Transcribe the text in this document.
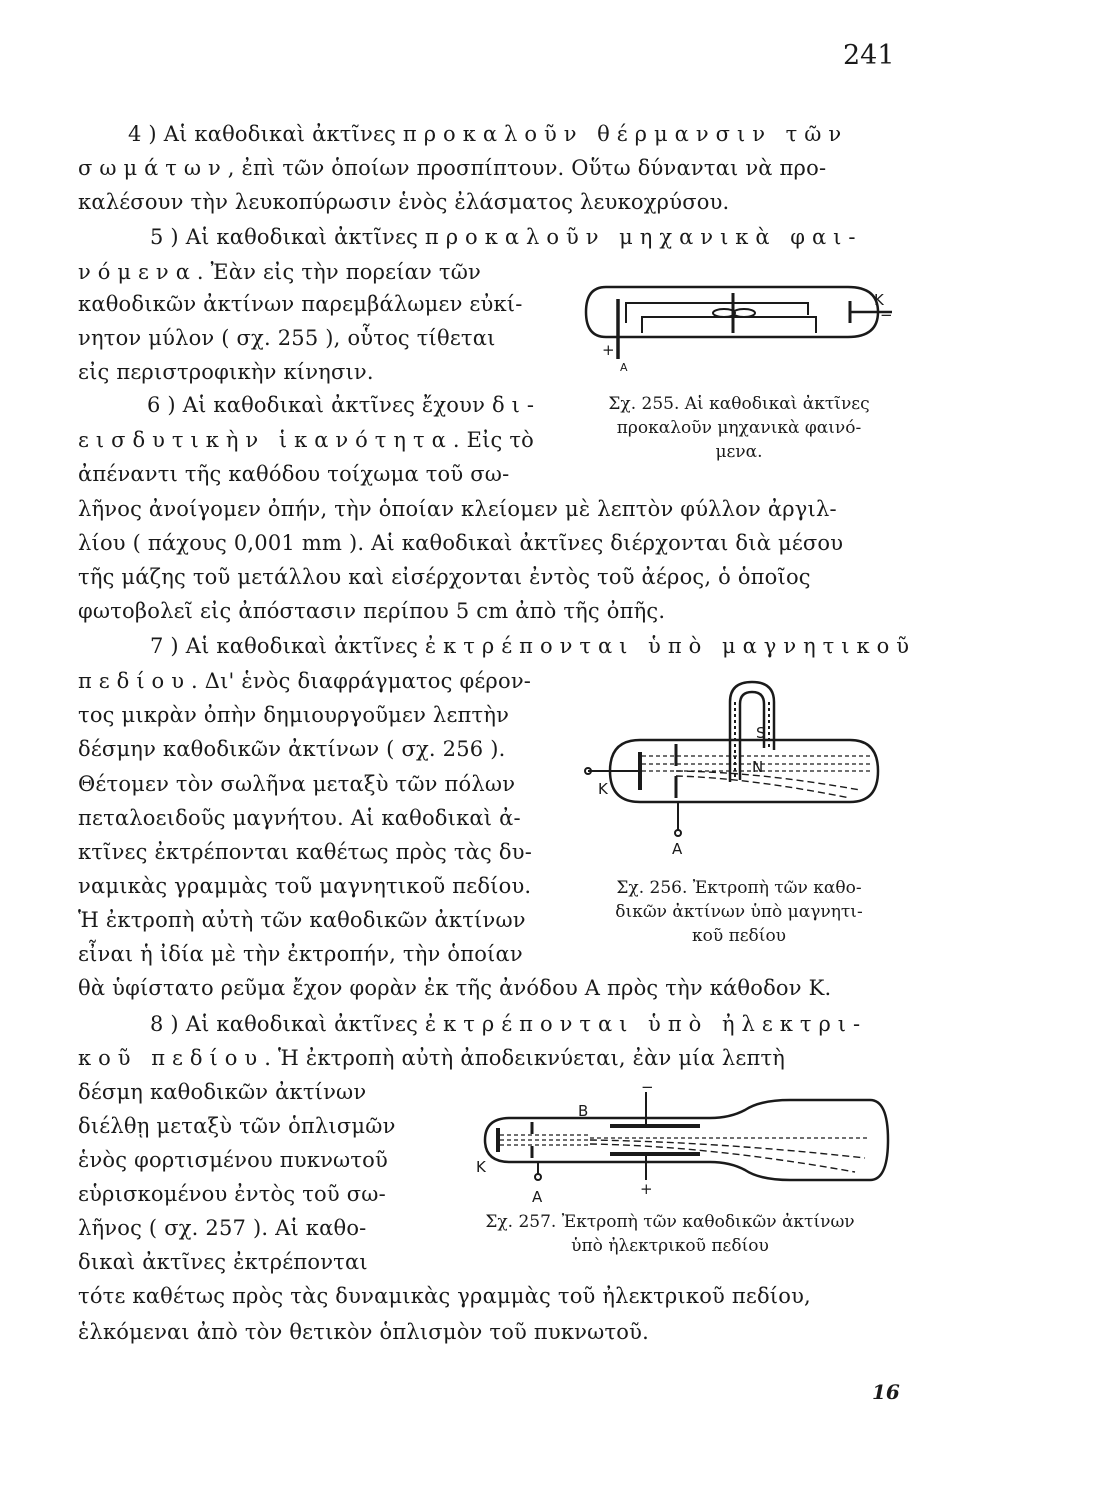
241
4 ) Αἱ καθοδικαὶ ἀκτῖνες προκαλοῦν θέρμανσιν τῶν
σωμάτων, ἐπὶ τῶν ὁποίων προσπίπτουν. Οὕτω δύνανται νὰ προ-
καλέσουν τὴν λευκοπύρωσιν ἑνὸς ἐλάσματος λευκοχρύσου.
5 ) Αἱ καθοδικαὶ ἀκτῖνες προκαλοῦν μηχανικὰ φαι-
νόμενα. Ἐὰν εἰς τὴν πορείαν τῶν
καθοδικῶν ἀκτίνων παρεμβάλωμεν εὐκί-
νητον μύλον ( σχ. 255 ), οὗτος τίθεται
εἰς περιστροφικὴν κίνησιν.
6 ) Αἱ καθοδικαὶ ἀκτῖνες ἔχουν δι-
εισδυτικὴν ἱκανότητα. Εἰς τὸ
ἀπέναντι τῆς καθόδου τοίχωμα τοῦ σω-
λῆνος ἀνοίγομεν ὀπήν, τὴν ὁποίαν κλείομεν μὲ λεπτὸν φύλλον ἀργιλ-
λίου ( πάχους 0,001 mm ). Αἱ καθοδικαὶ ἀκτῖνες διέρχονται διὰ μέσου
τῆς μάζης τοῦ μετάλλου καὶ εἰσέρχονται ἐντὸς τοῦ ἀέρος, ὁ ὁποῖος
φωτοβολεῖ εἰς ἀπόστασιν περίπου 5 cm ἀπὸ τῆς ὀπῆς.
7 ) Αἱ καθοδικαὶ ἀκτῖνες ἐκτρέπονται ὑπὸ μαγνητικοῦ
πεδίου. Δι' ἑνὸς διαφράγματος φέρον-
τος μικρὰν ὀπὴν δημιουργοῦμεν λεπτὴν
δέσμην καθοδικῶν ἀκτίνων ( σχ. 256 ).
Θέτομεν τὸν σωλῆνα μεταξὺ τῶν πόλων
πεταλοειδοῦς μαγνήτου. Αἱ καθοδικαὶ ἀ-
κτῖνες ἐκτρέπονται καθέτως πρὸς τὰς δυ-
ναμικὰς γραμμὰς τοῦ μαγνητικοῦ πεδίου.
Ἡ ἐκτροπὴ αὐτὴ τῶν καθοδικῶν ἀκτίνων
εἶναι ἡ ἰδία μὲ τὴν ἐκτροπήν, τὴν ὁποίαν
θὰ ὑφίστατο ρεῦμα ἔχον φορὰν ἐκ τῆς ἀνόδου Α πρὸς τὴν κάθοδον Κ.
8 ) Αἱ καθοδικαὶ ἀκτῖνες ἐκτρέπονται ὑπὸ ἠλεκτρι-
κοῦ πεδίου. Ἡ ἐκτροπὴ αὐτὴ ἀποδεικνύεται, ἐὰν μία λεπτὴ
δέσμη καθοδικῶν ἀκτίνων
διέλθῃ μεταξὺ τῶν ὁπλισμῶν
ἑνὸς φορτισμένου πυκνωτοῦ
εὑρισκομένου ἐντὸς τοῦ σω-
λῆνος ( σχ. 257 ). Αἱ καθο-
δικαὶ ἀκτῖνες ἐκτρέπονται
τότε καθέτως πρὸς τὰς δυναμικὰς γραμμὰς τοῦ ἠλεκτρικοῦ πεδίου,
ἑλκόμεναι ἀπὸ τὸν θετικὸν ὁπλισμὸν τοῦ πυκνωτοῦ.
K
−
+
A
Σχ. 255. Αἱ καθοδικαὶ ἀκτῖνες
προκαλοῦν μηχανικὰ φαινό-
μενα.
N
S
K
A
Σχ. 256. Ἐκτροπὴ τῶν καθο-
δικῶν ἀκτίνων ὑπὸ μαγνητι-
κοῦ πεδίου
B
−
+
K
A
Σχ. 257. Ἐκτροπὴ τῶν καθοδικῶν ἀκτίνων
ὑπὸ ἠλεκτρικοῦ πεδίου
16
